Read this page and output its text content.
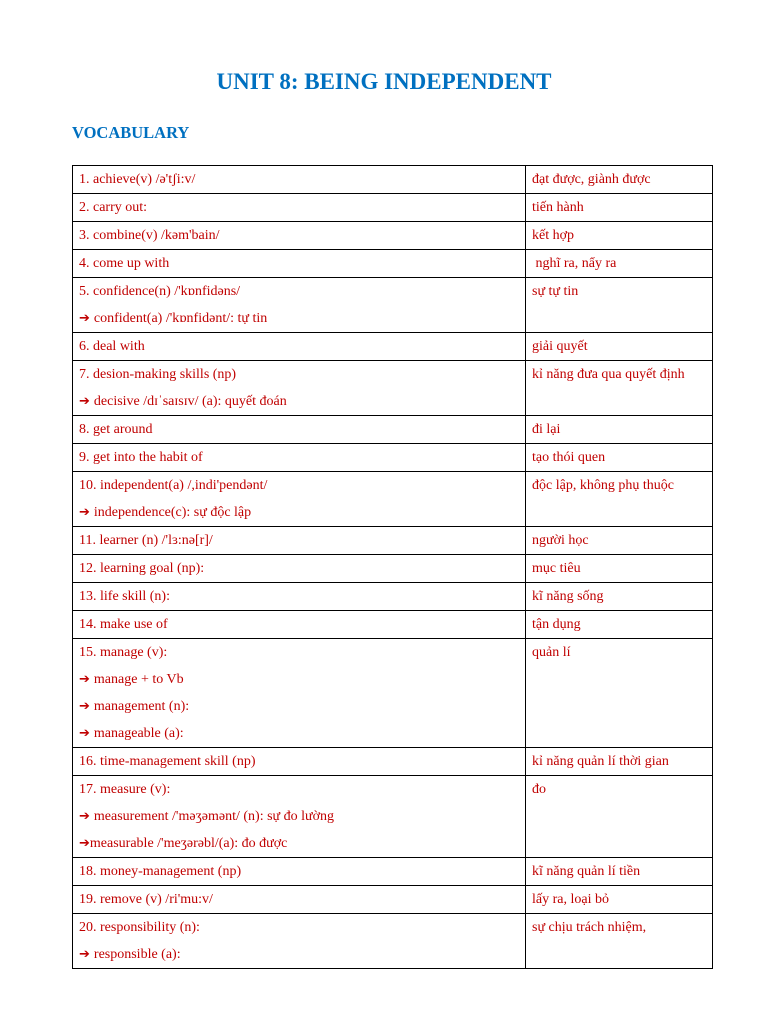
UNIT 8: BEING INDEPENDENT
VOCABULARY
1. achieve(v) /ə'tʃi:v/	đạt được, giành được

2. carry out:	tiến hành

3. combine(v) /kəm'bain/	kết hợp

4. come up with	nghĩ ra, nẩy ra

5. confidence(n) /'kɒnfidəns/
➔ confident(a) /'kɒnfidənt/: tự tin	sự tự tin

6. deal with	giải quyết

7. desion-making skills (np)
➔ decisive /dɪˈsaɪsɪv/ (a): quyết đoán	kỉ năng đưa qua quyết định

8. get around	đi lại

9. get into the habit of	tạo thói quen

10. independent(a) /,indi'pendənt/
➔ independence(c): sự độc lập	độc lập, không phụ thuộc

11. learner (n) /'lɜ:nə[r]/	người học

12. learning goal (np):	mục tiêu

13. life skill (n):	kĩ năng sống

14. make use of	tận dụng

15. manage (v):
➔ manage + to Vb
➔ management (n):
➔ manageable (a):	quản lí

16. time-management skill (np)	kỉ năng quản lí thời gian

17. measure (v):
➔ measurement /'məʒəmənt/ (n): sự đo lường
➔measurable /'meʒərəbl/(a): đo được	đo

18. money-management (np)	kĩ năng quản lí tiền

19. remove (v) /ri'mu:v/	lấy ra, loại bỏ

20. responsibility (n):
➔ responsible (a):	sự chịu trách nhiệm,
